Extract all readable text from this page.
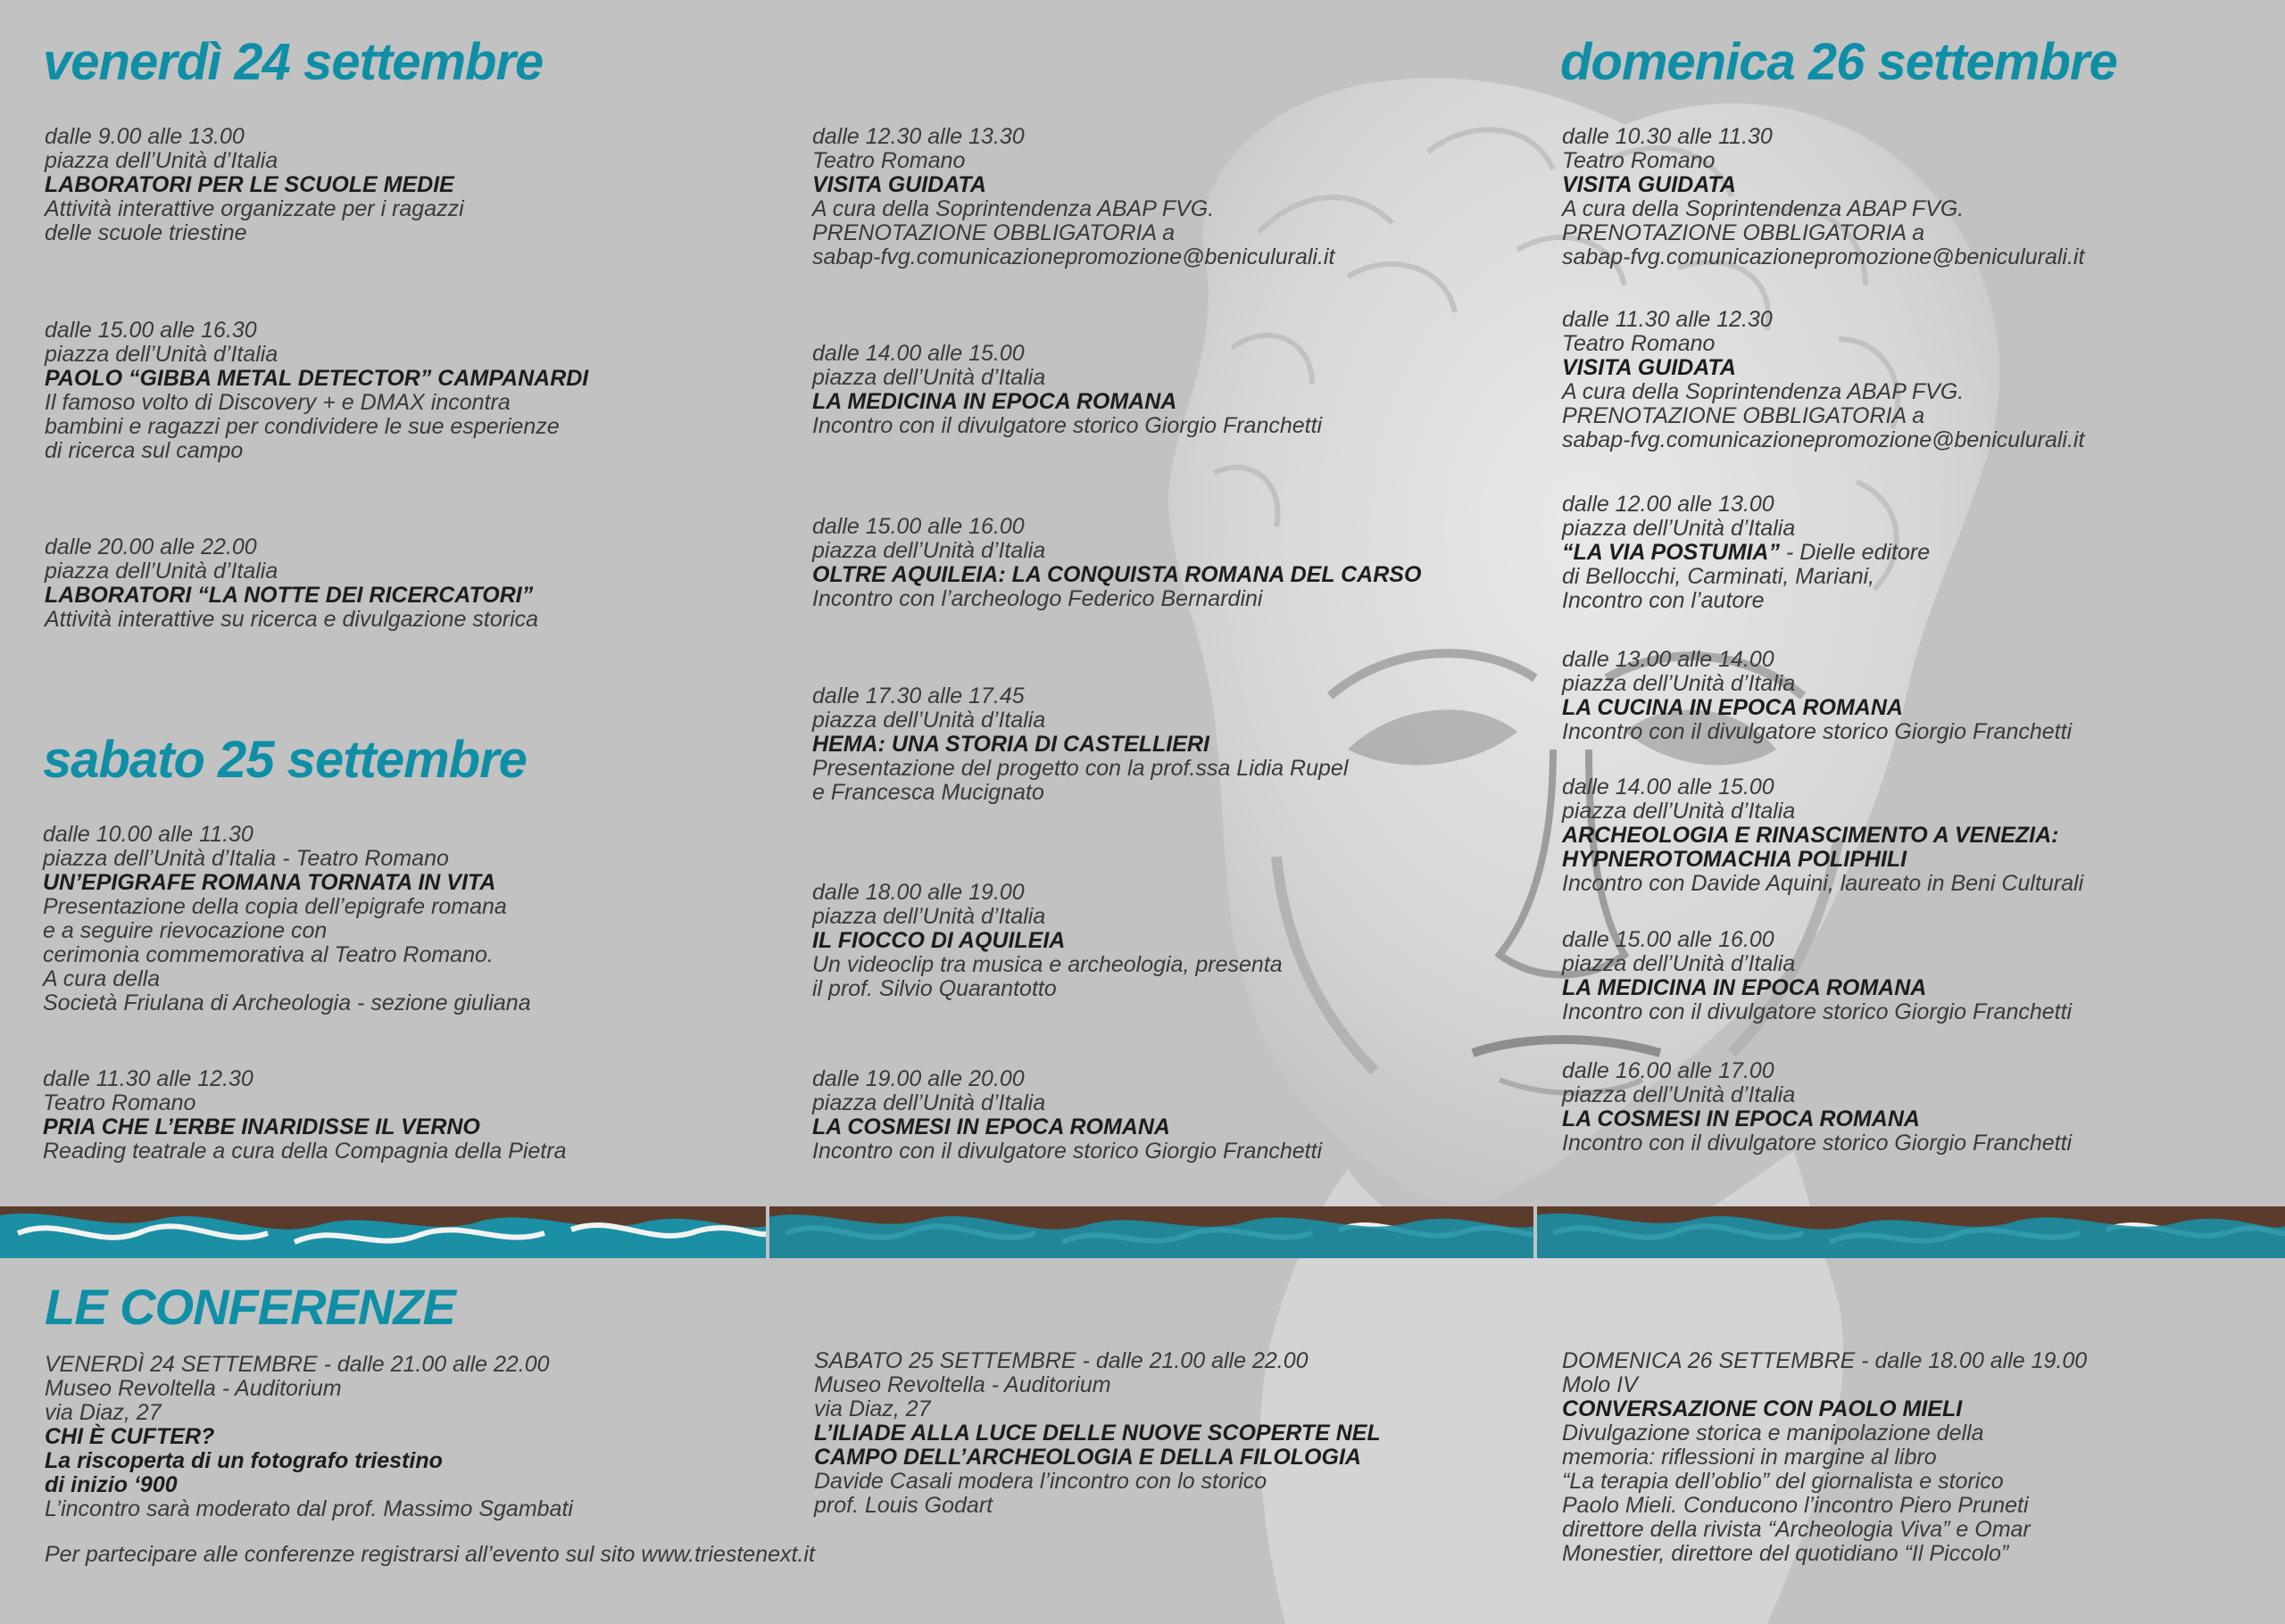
venerdì 24 settembre
sabato 25 settembre
domenica 26 settembre
LE CONFERENZE
dalle 9.00 alle 13.00
piazza dell’Unità d’Italia
LABORATORI PER LE SCUOLE MEDIE
Attività interattive organizzate per i ragazzi
delle scuole triestine
dalle 15.00 alle 16.30
piazza dell’Unità d’Italia
PAOLO “GIBBA METAL DETECTOR” CAMPANARDI
Il famoso volto di Discovery + e DMAX incontra
bambini e ragazzi per condividere le sue esperienze
di ricerca sul campo
dalle 20.00 alle 22.00
piazza dell’Unità d’Italia
LABORATORI “LA NOTTE DEI RICERCATORI”
Attività interattive su ricerca e divulgazione storica
dalle 10.00 alle 11.30
piazza dell’Unità d’Italia - Teatro Romano
UN’EPIGRAFE ROMANA TORNATA IN VITA
Presentazione della copia dell’epigrafe romana
e a seguire rievocazione con
cerimonia commemorativa al Teatro Romano.
A cura della
Società Friulana di Archeologia - sezione giuliana
dalle 11.30 alle 12.30
Teatro Romano
PRIA CHE L’ERBE INARIDISSE IL VERNO
Reading teatrale a cura della Compagnia della Pietra
dalle 12.30 alle 13.30
Teatro Romano
VISITA GUIDATA
A cura della Soprintendenza ABAP FVG.
PRENOTAZIONE OBBLIGATORIA a
sabap-fvg.comunicazionepromozione@beniculurali.it
dalle 14.00 alle 15.00
piazza dell’Unità d’Italia
LA MEDICINA IN EPOCA ROMANA
Incontro con il divulgatore storico Giorgio Franchetti
dalle 15.00 alle 16.00
piazza dell’Unità d’Italia
OLTRE AQUILEIA: LA CONQUISTA ROMANA DEL CARSO
Incontro con l’archeologo Federico Bernardini
dalle 17.30 alle 17.45
piazza dell’Unità d’Italia
HEMA: UNA STORIA DI CASTELLIERI
Presentazione del progetto con la prof.ssa Lidia Rupel
e Francesca Mucignato
dalle 18.00 alle 19.00
piazza dell’Unità d’Italia
IL FIOCCO DI AQUILEIA
Un videoclip tra musica e archeologia, presenta
il prof. Silvio Quarantotto
dalle 19.00 alle 20.00
piazza dell’Unità d’Italia
LA COSMESI IN EPOCA ROMANA
Incontro con il divulgatore storico Giorgio Franchetti
dalle 10.30 alle 11.30
Teatro Romano
VISITA GUIDATA
A cura della Soprintendenza ABAP FVG.
PRENOTAZIONE OBBLIGATORIA a
sabap-fvg.comunicazionepromozione@beniculurali.it
dalle 11.30 alle 12.30
Teatro Romano
VISITA GUIDATA
A cura della Soprintendenza ABAP FVG.
PRENOTAZIONE OBBLIGATORIA a
sabap-fvg.comunicazionepromozione@beniculurali.it
dalle 12.00 alle 13.00
piazza dell’Unità d’Italia
“LA VIA POSTUMIA” - Dielle editore
di Bellocchi, Carminati, Mariani,
Incontro con l’autore
dalle 13.00 alle 14.00
piazza dell’Unità d’Italia
LA CUCINA IN EPOCA ROMANA
Incontro con il divulgatore storico Giorgio Franchetti
dalle 14.00 alle 15.00
piazza dell’Unità d’Italia
ARCHEOLOGIA E RINASCIMENTO A VENEZIA:
HYPNEROTOMACHIA POLIPHILI
Incontro con Davide Aquini, laureato in Beni Culturali
dalle 15.00 alle 16.00
piazza dell’Unità d’Italia
LA MEDICINA IN EPOCA ROMANA
Incontro con il divulgatore storico Giorgio Franchetti
dalle 16.00 alle 17.00
piazza dell’Unità d’Italia
LA COSMESI IN EPOCA ROMANA
Incontro con il divulgatore storico Giorgio Franchetti
VENERDÌ 24 SETTEMBRE - dalle 21.00 alle 22.00
Museo Revoltella - Auditorium
via Diaz, 27
CHI È CUFTER?
La riscoperta di un fotografo triestino
di inizio ‘900
L’incontro sarà moderato dal prof. Massimo Sgambati
SABATO 25 SETTEMBRE - dalle 21.00 alle 22.00
Museo Revoltella - Auditorium
via Diaz, 27
L’ILIADE ALLA LUCE DELLE NUOVE SCOPERTE NEL
CAMPO DELL’ARCHEOLOGIA E DELLA FILOLOGIA
Davide Casali modera l’incontro con lo storico
prof. Louis Godart
DOMENICA 26 SETTEMBRE - dalle 18.00 alle 19.00
Molo IV
CONVERSAZIONE CON PAOLO MIELI
Divulgazione storica e manipolazione della
memoria: riflessioni in margine al libro
“La terapia dell’oblio” del giornalista e storico
Paolo Mieli. Conducono l’incontro Piero Pruneti
direttore della rivista “Archeologia Viva” e Omar
Monestier, direttore del quotidiano “Il Piccolo”
Per partecipare alle conferenze registrarsi all’evento sul sito www.triestenext.it
